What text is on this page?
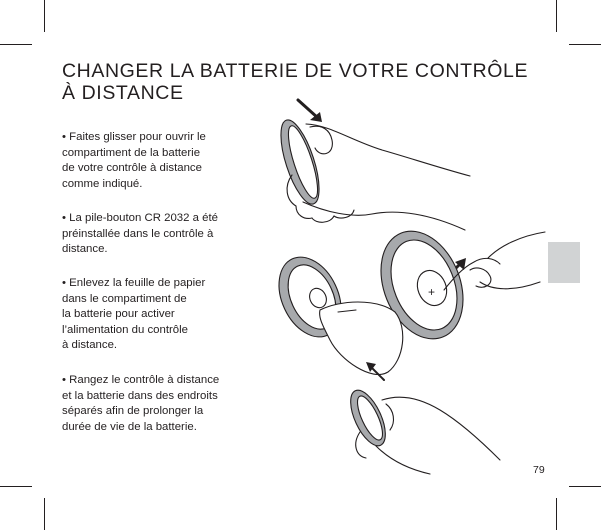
CHANGER LA BATTERIE DE VOTRE CONTRÔLE
À DISTANCE

• Faites glisser pour ouvrir le
compartiment de la batterie
de votre contrôle à distance
comme indiqué.

• La pile-bouton CR 2032 a été
préinstallée dans le contrôle à
distance.

• Enlevez la feuille de papier
dans le compartiment de
la batterie pour activer
l’alimentation du contrôle
à distance.

• Rangez le contrôle à distance
et la batterie dans des endroits
séparés afin de prolonger la
durée de vie de la batterie.

+
79
